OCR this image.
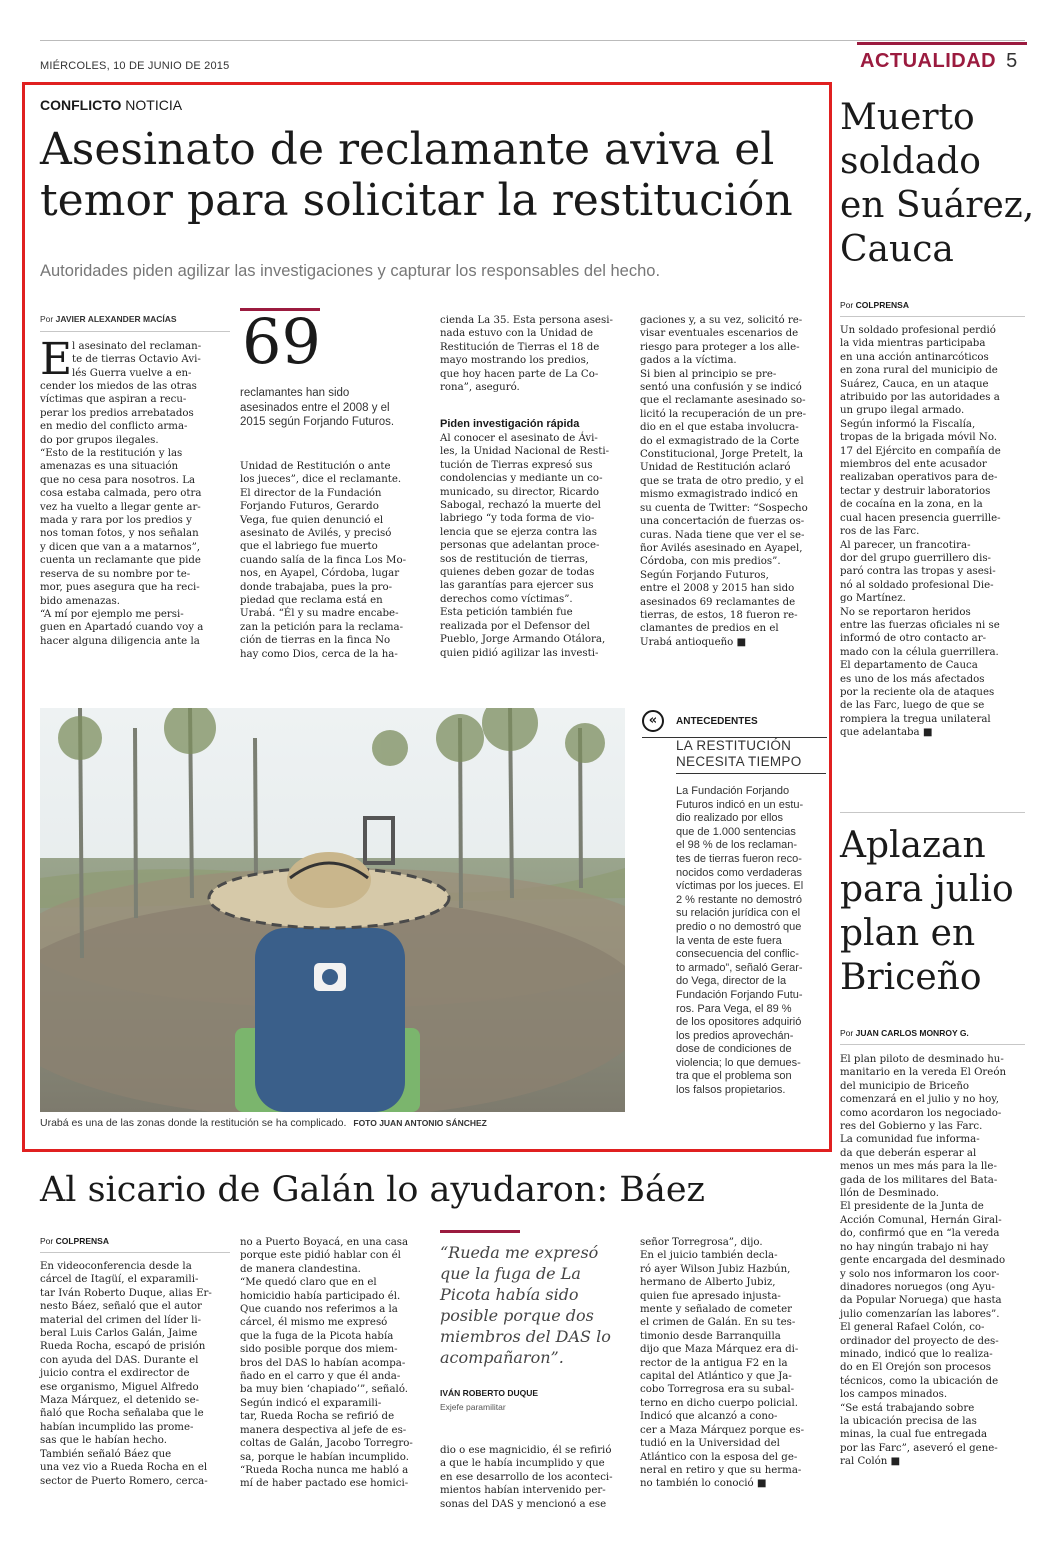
MIÉRCOLES, 10 DE JUNIO DE 2015	ACTUALIDAD 5
CONFLICTO NOTICIA
Asesinato de reclamante aviva el
temor para solicitar la restitución
Autoridades piden agilizar las investigaciones y capturar los responsables del hecho.
Por JAVIER ALEXANDER MACÍAS
E l asesinato del reclaman-
te de tierras Octavio Avi-
lés Guerra vuelve a en-
cender los miedos de las otras
víctimas que aspiran a recu-
perar los predios arrebatados
en medio del conflicto arma-
do por grupos ilegales.
“Esto de la restitución y las
amenazas es una situación
que no cesa para nosotros. La
cosa estaba calmada, pero otra
vez ha vuelto a llegar gente ar-
mada y rara por los predios y
nos toman fotos, y nos señalan
y dicen que van a a matarnos”,
cuenta un reclamante que pide
reserva de su nombre por te-
mor, pues asegura que ha reci-
bido amenazas.
“A mí por ejemplo me persi-
guen en Apartadó cuando voy a
hacer alguna diligencia ante la
69
reclamantes han sido
asesinados entre el 2008 y el
2015 según Forjando Futuros.
Unidad de Restitución o ante
los jueces”, dice el reclamante.
El director de la Fundación
Forjando Futuros, Gerardo
Vega, fue quien denunció el
asesinato de Avilés, y precisó
que el labriego fue muerto
cuando salía de la finca Los Mo-
nos, en Ayapel, Córdoba, lugar
donde trabajaba, pues la pro-
piedad que reclama está en
Urabá. “Él y su madre encabe-
zan la petición para la reclama-
ción de tierras en la finca No
hay como Dios, cerca de la ha-
cienda La 35. Esta persona asesi-
nada estuvo con la Unidad de
Restitución de Tierras el 18 de
mayo mostrando los predios,
que hoy hacen parte de La Co-
rona”, aseguró.
Piden investigación rápida
Al conocer el asesinato de Ávi-
les, la Unidad Nacional de Resti-
tución de Tierras expresó sus
condolencias y mediante un co-
municado, su director, Ricardo
Sabogal, rechazó la muerte del
labriego “y toda forma de vio-
lencia que se ejerza contra las
personas que adelantan proce-
sos de restitución de tierras,
quienes deben gozar de todas
las garantías para ejercer sus
derechos como víctimas”.
Esta petición también fue
realizada por el Defensor del
Pueblo, Jorge Armando Otálora,
quien pidió agilizar las investi-
gaciones y, a su vez, solicitó re-
visar eventuales escenarios de
riesgo para proteger a los alle-
gados a la víctima.
Si bien al principio se pre-
sentó una confusión y se indicó
que el reclamante asesinado so-
licitó la recuperación de un pre-
dio en el que estaba involucra-
do el exmagistrado de la Corte
Constitucional, Jorge Pretelt, la
Unidad de Restitución aclaró
que se trata de otro predio, y el
mismo exmagistrado indicó en
su cuenta de Twitter: “Sospecho
una concertación de fuerzas os-
curas. Nada tiene que ver el se-
ñor Avilés asesinado en Ayapel,
Córdoba, con mis predios”.
Según Forjando Futuros,
entre el 2008 y 2015 han sido
asesinados 69 reclamantes de
tierras, de estos, 18 fueron re-
clamantes de predios en el
Urabá antioqueño ■
Urabá es una de las zonas donde la restitución se ha complicado. FOTO JUAN ANTONIO SÁNCHEZ
«	ANTECEDENTES
LA RESTITUCIÓN
NECESITA TIEMPO
La Fundación Forjando
Futuros indicó en un estu-
dio realizado por ellos
que de 1.000 sentencias
el 98 % de los reclaman-
tes de tierras fueron reco-
nocidos como verdaderas
víctimas por los jueces. El
2 % restante no demostró
su relación jurídica con el
predio o no demostró que
la venta de este fuera
consecuencia del conflic-
to armado”, señaló Gerar-
do Vega, director de la
Fundación Forjando Futu-
ros. Para Vega, el 89 %
de los opositores adquirió
los predios aprovechán-
dose de condiciones de
violencia; lo que demues-
tra que el problema son
los falsos propietarios.
Muerto
soldado
en Suárez,
Cauca
Por COLPRENSA
Un soldado profesional perdió
la vida mientras participaba
en una acción antinarcóticos
en zona rural del municipio de
Suárez, Cauca, en un ataque
atribuido por las autoridades a
un grupo ilegal armado.
Según informó la Fiscalía,
tropas de la brigada móvil No.
17 del Ejército en compañía de
miembros del ente acusador
realizaban operativos para de-
tectar y destruir laboratorios
de cocaína en la zona, en la
cual hacen presencia guerrille-
ros de las Farc.
Al parecer, un francotira-
dor del grupo guerrillero dis-
paró contra las tropas y asesi-
nó al soldado profesional Die-
go Martínez.
No se reportaron heridos
entre las fuerzas oficiales ni se
informó de otro contacto ar-
mado con la célula guerrillera.
El departamento de Cauca
es uno de los más afectados
por la reciente ola de ataques
de las Farc, luego de que se
rompiera la tregua unilateral
que adelantaba ■
Aplazan
para julio
plan en
Briceño
Por JUAN CARLOS MONROY G.
El plan piloto de desminado hu-
manitario en la vereda El Oreón
del municipio de Briceño
comenzará en el julio y no hoy,
como acordaron los negociado-
res del Gobierno y las Farc.
La comunidad fue informa-
da que deberán esperar al
menos un mes más para la lle-
gada de los militares del Bata-
llón de Desminado.
El presidente de la Junta de
Acción Comunal, Hernán Giral-
do, confirmó que en “la vereda
no hay ningún trabajo ni hay
gente encargada del desminado
y solo nos informaron los coor-
dinadores noruegos (ong Ayu-
da Popular Noruega) que hasta
julio comenzarían las labores”.
El general Rafael Colón, co-
ordinador del proyecto de des-
minado, indicó que lo realiza-
do en El Orejón son procesos
técnicos, como la ubicación de
los campos minados.
“Se está trabajando sobre
la ubicación precisa de las
minas, la cual fue entregada
por las Farc”, aseveró el gene-
ral Colón ■
Al sicario de Galán lo ayudaron: Báez
Por COLPRENSA
En videoconferencia desde la
cárcel de Itagüí, el exparamili-
tar Iván Roberto Duque, alias Er-
nesto Báez, señaló que el autor
material del crimen del líder li-
beral Luis Carlos Galán, Jaime
Rueda Rocha, escapó de prisión
con ayuda del DAS. Durante el
juicio contra el exdirector de
ese organismo, Miguel Alfredo
Maza Márquez, el detenido se-
ñaló que Rocha señalaba que le
habían incumplido las prome-
sas que le habían hecho.
También señaló Báez que
una vez vio a Rueda Rocha en el
sector de Puerto Romero, cerca-
no a Puerto Boyacá, en una casa
porque este pidió hablar con él
de manera clandestina.
“Me quedó claro que en el
homicidio había participado él.
Que cuando nos referimos a la
cárcel, él mismo me expresó
que la fuga de la Picota había
sido posible porque dos miem-
bros del DAS lo habían acompa-
ñado en el carro y que él anda-
ba muy bien ‘chapiado’”, señaló.
Según indicó el exparamili-
tar, Rueda Rocha se refirió de
manera despectiva al jefe de es-
coltas de Galán, Jacobo Torregro-
sa, porque le habían incumplido.
“Rueda Rocha nunca me habló a
mí de haber pactado ese homici-
“Rueda me expresó
que la fuga de La
Picota había sido
posible porque dos
miembros del DAS lo
acompañaron”.
IVÁN ROBERTO DUQUE
Exjefe paramilitar
dio o ese magnicidio, él se refirió
a que le había incumplido y que
en ese desarrollo de los aconteci-
mientos habían intervenido per-
sonas del DAS y mencionó a ese
señor Torregrosa”, dijo.
En el juicio también decla-
ró ayer Wilson Jubiz Hazbún,
hermano de Alberto Jubiz,
quien fue apresado injusta-
mente y señalado de cometer
el crimen de Galán. En su tes-
timonio desde Barranquilla
dijo que Maza Márquez era di-
rector de la antigua F2 en la
capital del Atlántico y que Ja-
cobo Torregrosa era su subal-
terno en dicho cuerpo policial.
Indicó que alcanzó a cono-
cer a Maza Márquez porque es-
tudió en la Universidad del
Atlántico con la esposa del ge-
neral en retiro y que su herma-
no también lo conoció ■
